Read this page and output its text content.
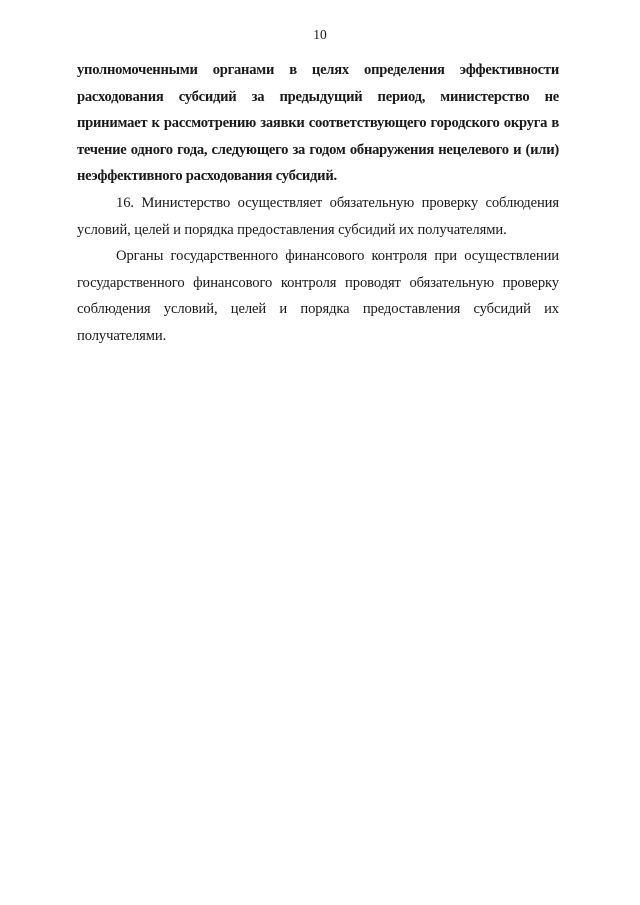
10

уполномоченными органами в целях определения эффективности расходования субсидий за предыдущий период, министерство не принимает к рассмотрению заявки соответствующего городского округа в течение одного года, следующего за годом обнаружения нецелевого и (или) неэффективного расходования субсидий.

16. Министерство осуществляет обязательную проверку соблюдения условий, целей и порядка предоставления субсидий их получателями.

Органы государственного финансового контроля при осуществлении государственного финансового контроля проводят обязательную проверку соблюдения условий, целей и порядка предоставления субсидий их получателями.
